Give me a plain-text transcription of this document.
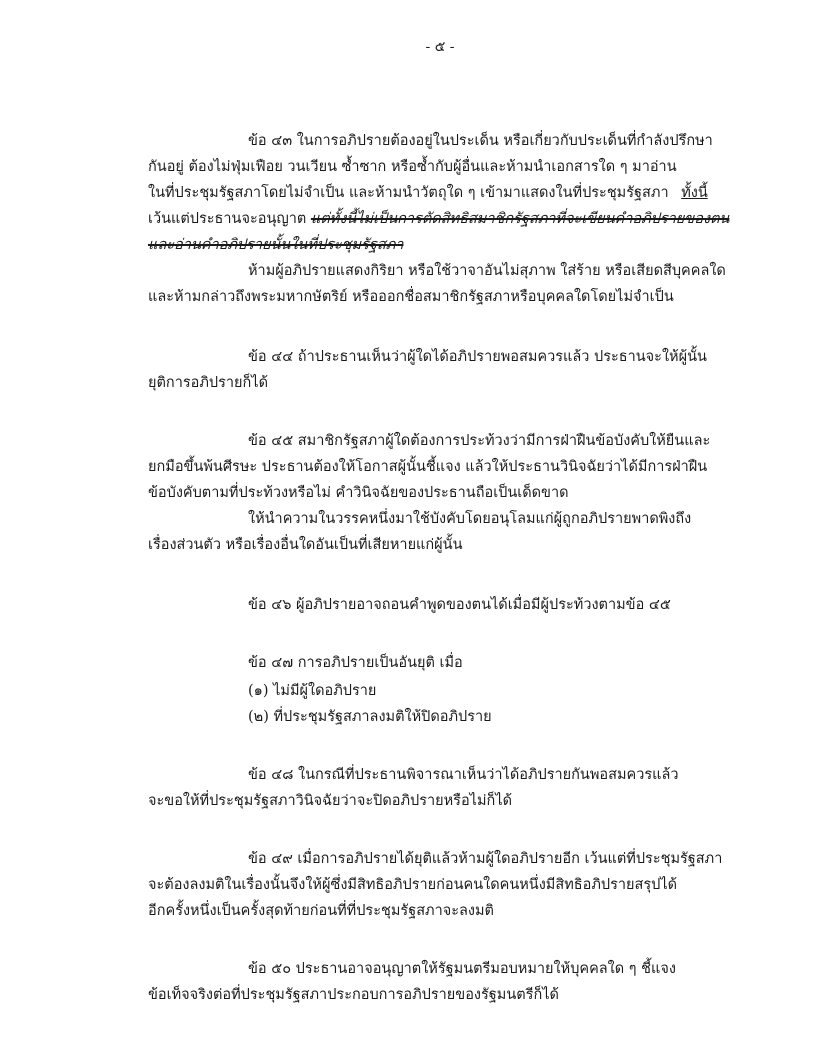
- ๕ -
ข้อ ๔๓ ในการอภิปรายต้องอยู่ในประเด็น หรือเกี่ยวกับประเด็นที่กำลังปรึกษา
กันอยู่ ต้องไม่ฟุ่มเฟือย วนเวียน ซ้ำซาก หรือซ้ำกับผู้อื่นและห้ามนำเอกสารใด ๆ มาอ่าน
ในที่ประชุมรัฐสภาโดยไม่จำเป็น และห้ามนำวัตถุใด ๆ เข้ามาแสดงในที่ประชุมรัฐสภา ทั้งนี้
เว้นแต่ประธานจะอนุญาต แต่ทั้งนี้ไม่เป็นการตัดสิทธิสมาชิกรัฐสภาที่จะเขียนคำอภิปรายของตน
และอ่านคำอภิปรายนั้นในที่ประชุมรัฐสภา
ห้ามผู้อภิปรายแสดงกิริยา หรือใช้วาจาอันไม่สุภาพ ใส่ร้าย หรือเสียดสีบุคคลใด
และห้ามกล่าวถึงพระมหากษัตริย์ หรือออกชื่อสมาชิกรัฐสภาหรือบุคคลใดโดยไม่จำเป็น
ข้อ ๔๔ ถ้าประธานเห็นว่าผู้ใดได้อภิปรายพอสมควรแล้ว ประธานจะให้ผู้นั้น
ยุติการอภิปรายก็ได้
ข้อ ๔๕ สมาชิกรัฐสภาผู้ใดต้องการประท้วงว่ามีการฝ่าฝืนข้อบังคับให้ยืนและ
ยกมือขึ้นพ้นศีรษะ ประธานต้องให้โอกาสผู้นั้นชี้แจง แล้วให้ประธานวินิจฉัยว่าได้มีการฝ่าฝืน
ข้อบังคับตามที่ประท้วงหรือไม่ คำวินิจฉัยของประธานถือเป็นเด็ดขาด
ให้นำความในวรรคหนึ่งมาใช้บังคับโดยอนุโลมแก่ผู้ถูกอภิปรายพาดพิงถึง
เรื่องส่วนตัว หรือเรื่องอื่นใดอันเป็นที่เสียหายแก่ผู้นั้น
ข้อ ๔๖ ผู้อภิปรายอาจถอนคำพูดของตนได้เมื่อมีผู้ประท้วงตามข้อ ๔๕
ข้อ ๔๗ การอภิปรายเป็นอันยุติ เมื่อ
(๑) ไม่มีผู้ใดอภิปราย
(๒) ที่ประชุมรัฐสภาลงมติให้ปิดอภิปราย
ข้อ ๔๘ ในกรณีที่ประธานพิจารณาเห็นว่าได้อภิปรายกันพอสมควรแล้ว
จะขอให้ที่ประชุมรัฐสภาวินิจฉัยว่าจะปิดอภิปรายหรือไม่ก็ได้
ข้อ ๔๙ เมื่อการอภิปรายได้ยุติแล้วห้ามผู้ใดอภิปรายอีก เว้นแต่ที่ประชุมรัฐสภา
จะต้องลงมติในเรื่องนั้นจึงให้ผู้ซึ่งมีสิทธิอภิปรายก่อนคนใดคนหนึ่งมีสิทธิอภิปรายสรุปได้
อีกครั้งหนึ่งเป็นครั้งสุดท้ายก่อนที่ที่ประชุมรัฐสภาจะลงมติ
ข้อ ๕๐ ประธานอาจอนุญาตให้รัฐมนตรีมอบหมายให้บุคคลใด ๆ ชี้แจง
ข้อเท็จจริงต่อที่ประชุมรัฐสภาประกอบการอภิปรายของรัฐมนตรีก็ได้
